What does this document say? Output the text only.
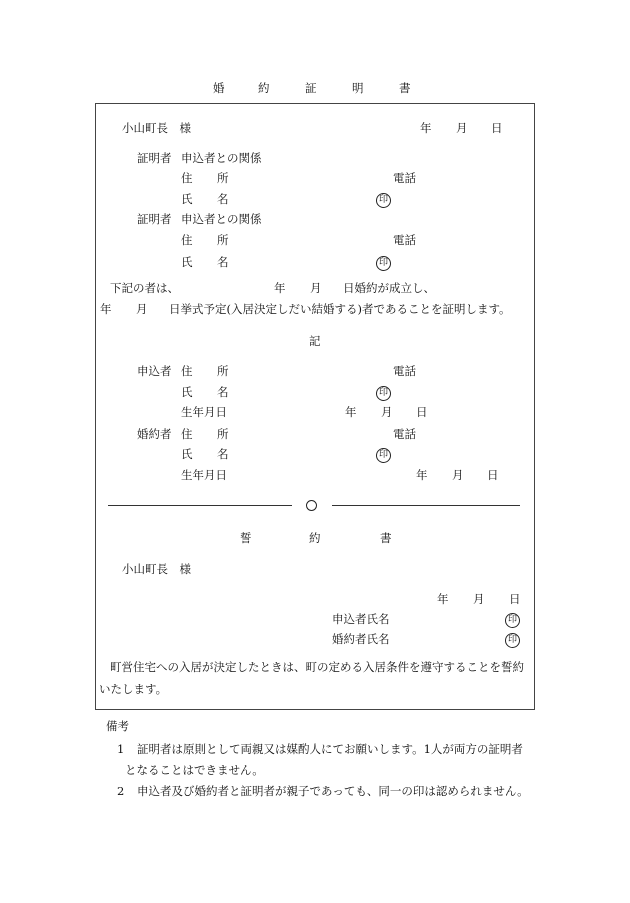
婚	約	証	明	書
小山町長　様	年 月 日
証明者 申込者との関係
住 所	電話
氏 名	印
証明者 申込者との関係
住 所	電話
氏 名	印
下記の者は、	年 月 日婚約が成立し、
年 月 日挙式予定(入居決定しだい結婚する)者であることを証明します。
記
申込者 住 所	電話
氏 名	印
生年月日	年 月 日
婚約者 住 所	電話
氏 名	印
生年月日	年 月 日
誓	約	書
小山町長　様
年 月 日
申込者氏名	印
婚約者氏名	印
町営住宅への入居が決定したときは、町の定める入居条件を遵守することを誓約
いたします。
備考
1 証明者は原則として両親又は媒酌人にてお願いします。1人が両方の証明者
となることはできません。
2 申込者及び婚約者と証明者が親子であっても、同一の印は認められません。
